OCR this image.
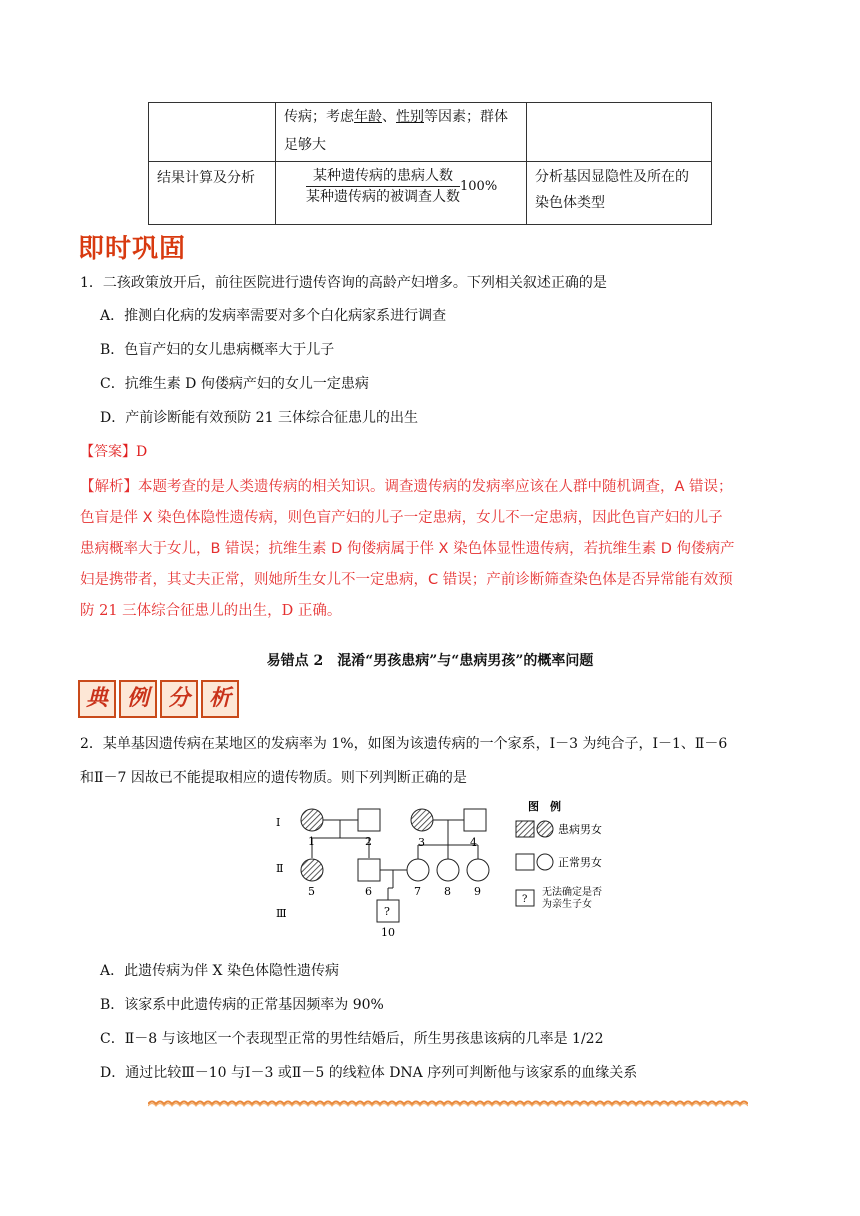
	传病；考虑年龄、性别等因素；群体
足够大	
结果计算及分析	$\frac{\text{某种遗传病的患病人数}}{\text{某种遗传病的被调查人数}} 100\%$	分析基因显隐性及所在的
染色体类型
即时巩固
1．二孩政策放开后，前往医院进行遗传咨询的高龄产妇增多。下列相关叙述正确的是
A．推测白化病的发病率需要对多个白化病家系进行调查
B．色盲产妇的女儿患病概率大于儿子
C．抗维生素 D 佝偻病产妇的女儿一定患病
D．产前诊断能有效预防 21 三体综合征患儿的出生
【答案】D
【解析】本题考查的是人类遗传病的相关知识。调查遗传病的发病率应该在人群中随机调查，A 错误；
色盲是伴 X 染色体隐性遗传病，则色盲产妇的儿子一定患病，女儿不一定患病，因此色盲产妇的儿子
患病概率大于女儿，B 错误；抗维生素 D 佝偻病属于伴 X 染色体显性遗传病，若抗维生素 D 佝偻病产
妇是携带者，其丈夫正常，则她所生女儿不一定患病，C 错误；产前诊断筛查染色体是否异常能有效预
防 21 三体综合征患儿的出生，D 正确。
易错点 2　混淆“男孩患病”与“患病男孩”的概率问题
典 例 分 析
2．某单基因遗传病在某地区的发病率为 1%，如图为该遗传病的一个家系，Ⅰ－3 为纯合子，Ⅰ－1、Ⅱ－6
和Ⅱ－7 因故已不能提取相应的遗传物质。则下列判断正确的是
Ⅰ
Ⅱ
Ⅲ
1	2	3	4
5	6	7 8 9
?
10
图　例
患病男女
正常男女
?
无法确定是否
为亲生子女
A．此遗传病为伴 X 染色体隐性遗传病
B．该家系中此遗传病的正常基因频率为 90%
C．Ⅱ－8 与该地区一个表现型正常的男性结婚后，所生男孩患该病的几率是 1/22
D．通过比较Ⅲ－10 与Ⅰ－3 或Ⅱ－5 的线粒体 DNA 序列可判断他与该家系的血缘关系
